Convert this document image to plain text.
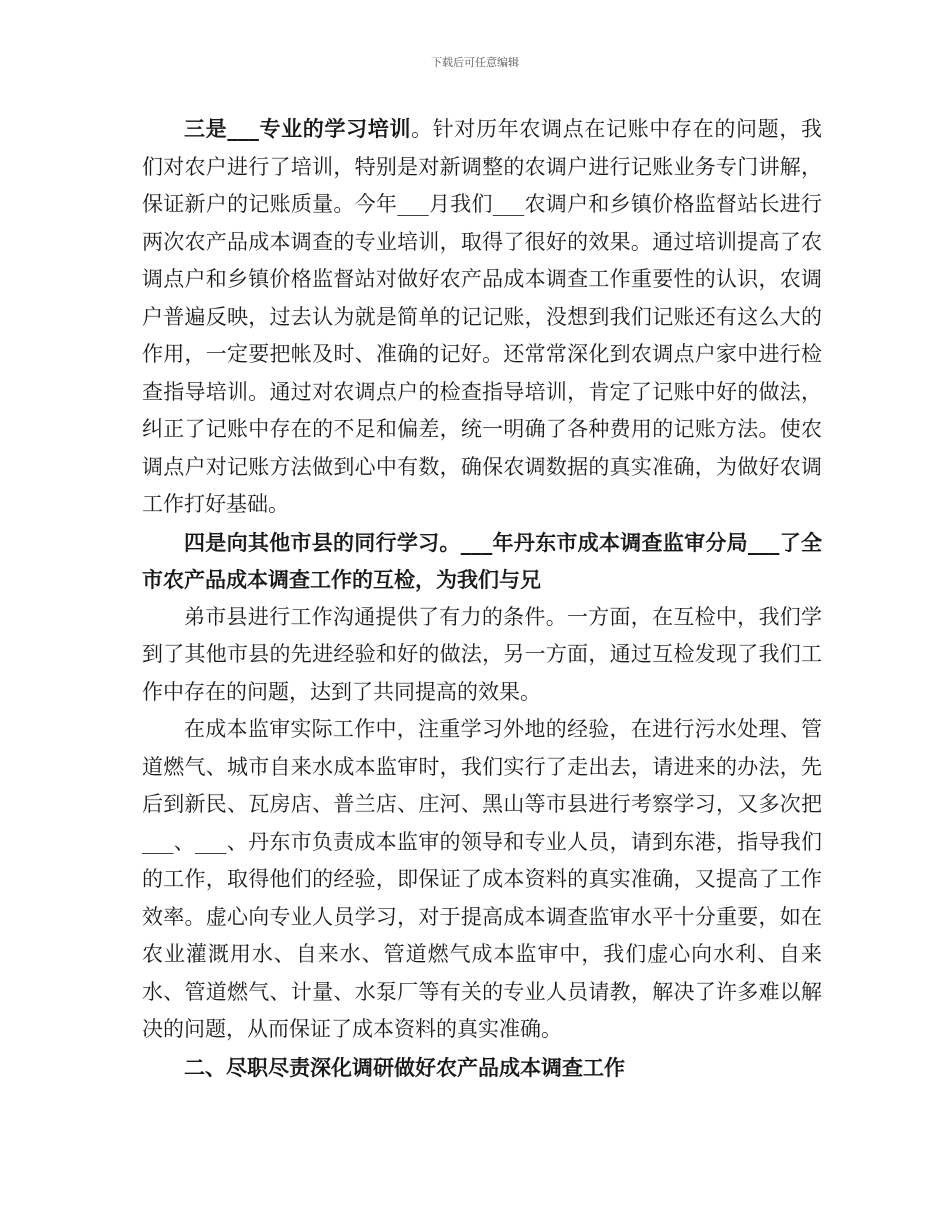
下载后可任意编辑

三是___专业的学习培训。针对历年农调点在记账中存在的问题，我们对农户进行了培训，特别是对新调整的农调户进行记账业务专门讲解，保证新户的记账质量。今年___月我们___农调户和乡镇价格监督站长进行两次农产品成本调查的专业培训，取得了很好的效果。通过培训提高了农调点户和乡镇价格监督站对做好农产品成本调查工作重要性的认识，农调户普遍反映，过去认为就是简单的记记账，没想到我们记账还有这么大的作用，一定要把帐及时、准确的记好。还常常深化到农调点户家中进行检查指导培训。通过对农调点户的检查指导培训，肯定了记账中好的做法，纠正了记账中存在的不足和偏差，统一明确了各种费用的记账方法。使农调点户对记账方法做到心中有数，确保农调数据的真实准确，为做好农调工作打好基础。

四是向其他市县的同行学习。___年丹东市成本调查监审分局___了全市农产品成本调查工作的互检，为我们与兄

弟市县进行工作沟通提供了有力的条件。一方面，在互检中，我们学到了其他市县的先进经验和好的做法，另一方面，通过互检发现了我们工作中存在的问题，达到了共同提高的效果。

在成本监审实际工作中，注重学习外地的经验，在进行污水处理、管道燃气、城市自来水成本监审时，我们实行了走出去，请进来的办法，先后到新民、瓦房店、普兰店、庄河、黑山等市县进行考察学习，又多次把___、___、丹东市负责成本监审的领导和专业人员，请到东港，指导我们的工作，取得他们的经验，即保证了成本资料的真实准确，又提高了工作效率。虚心向专业人员学习，对于提高成本调查监审水平十分重要，如在农业灌溉用水、自来水、管道燃气成本监审中，我们虚心向水利、自来水、管道燃气、计量、水泵厂等有关的专业人员请教，解决了许多难以解决的问题，从而保证了成本资料的真实准确。

二、尽职尽责深化调研做好农产品成本调查工作
